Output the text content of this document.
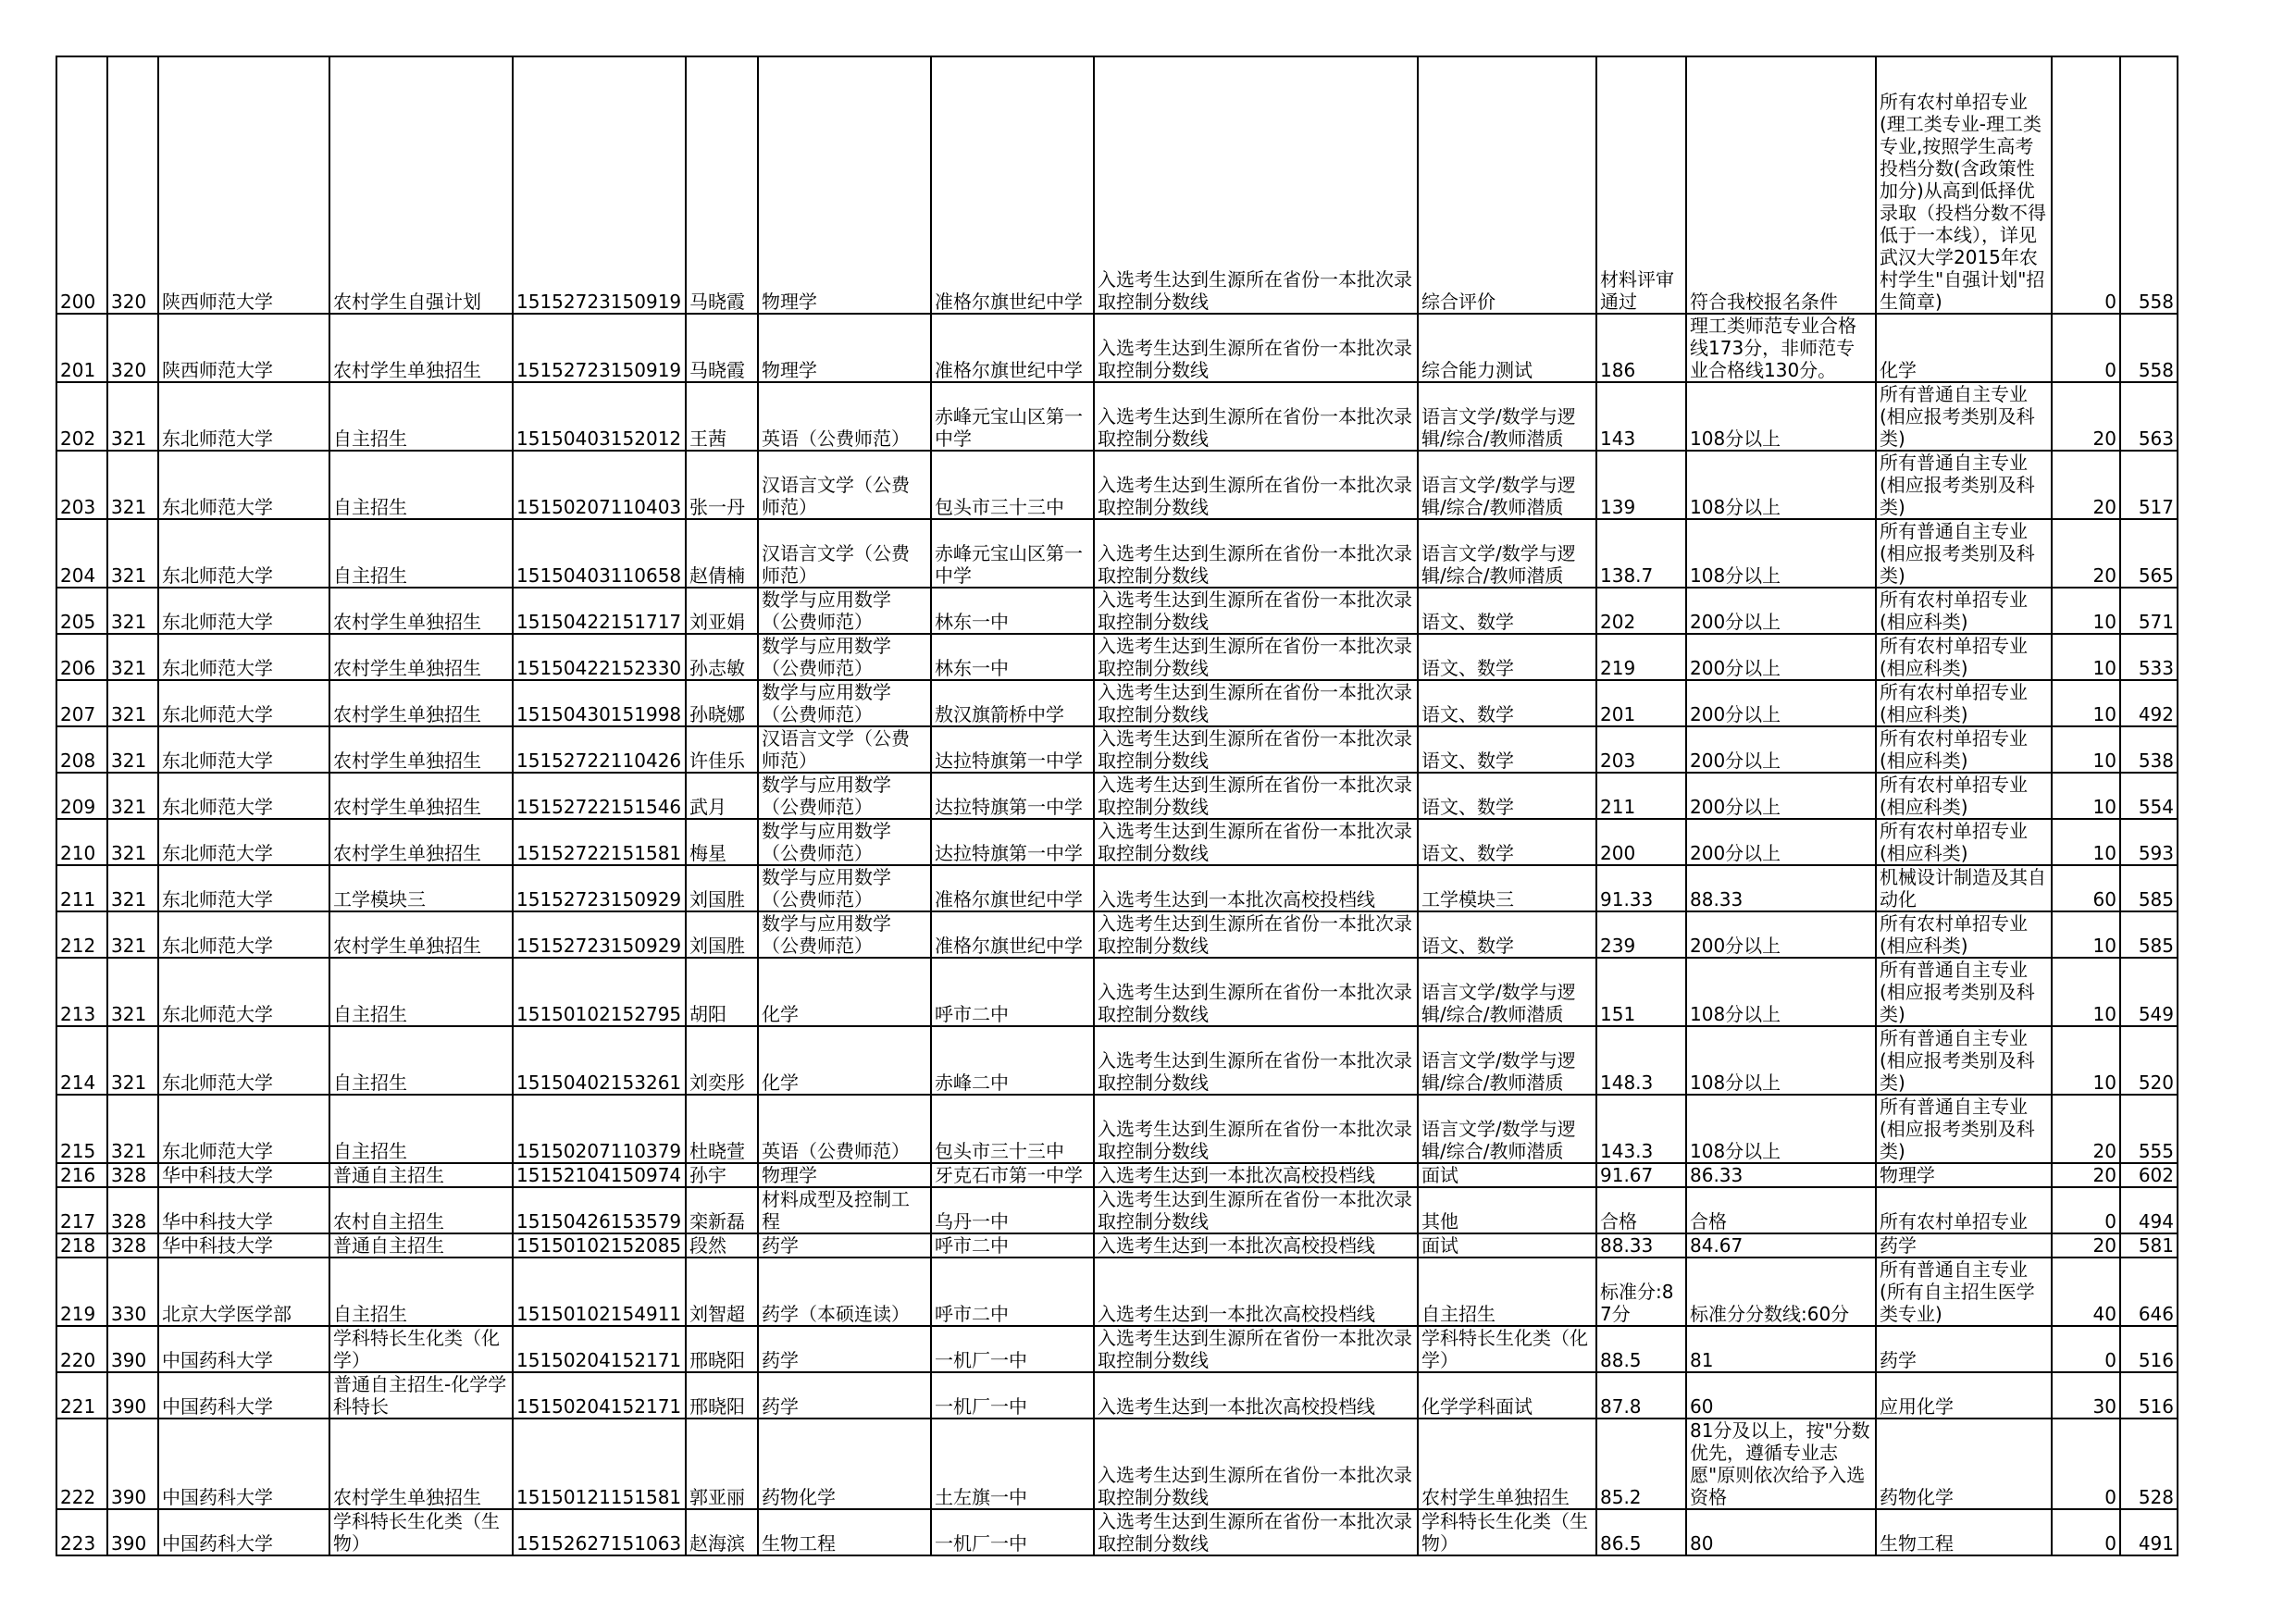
200	320	陕西师范大学	农村学生自强计划	15152723150919	马晓霞	物理学	准格尔旗世纪中学	入选考生达到生源所在省份一本批次录取控制分数线	综合评价	材料评审通过	符合我校报名条件	所有农村单招专业(理工类专业-理工类专业,按照学生高考投档分数(含政策性加分)从高到低择优录取（投档分数不得低于一本线），详见武汉大学2015年农村学生"自强计划"招生简章)	0	558
201	320	陕西师范大学	农村学生单独招生	15152723150919	马晓霞	物理学	准格尔旗世纪中学	入选考生达到生源所在省份一本批次录取控制分数线	综合能力测试	186	理工类师范专业合格线173分，非师范专业合格线130分。	化学	0	558
202	321	东北师范大学	自主招生	15150403152012	王茜	英语（公费师范）	赤峰元宝山区第一中学	入选考生达到生源所在省份一本批次录取控制分数线	语言文学/数学与逻辑/综合/教师潜质	143	108分以上	所有普通自主专业(相应报考类别及科类)	20	563
203	321	东北师范大学	自主招生	15150207110403	张一丹	汉语言文学（公费师范）	包头市三十三中	入选考生达到生源所在省份一本批次录取控制分数线	语言文学/数学与逻辑/综合/教师潜质	139	108分以上	所有普通自主专业(相应报考类别及科类)	20	517
204	321	东北师范大学	自主招生	15150403110658	赵倩楠	汉语言文学（公费师范）	赤峰元宝山区第一中学	入选考生达到生源所在省份一本批次录取控制分数线	语言文学/数学与逻辑/综合/教师潜质	138.7	108分以上	所有普通自主专业(相应报考类别及科类)	20	565
205	321	东北师范大学	农村学生单独招生	15150422151717	刘亚娟	数学与应用数学（公费师范）	林东一中	入选考生达到生源所在省份一本批次录取控制分数线	语文、数学	202	200分以上	所有农村单招专业(相应科类)	10	571
206	321	东北师范大学	农村学生单独招生	15150422152330	孙志敏	数学与应用数学（公费师范）	林东一中	入选考生达到生源所在省份一本批次录取控制分数线	语文、数学	219	200分以上	所有农村单招专业(相应科类)	10	533
207	321	东北师范大学	农村学生单独招生	15150430151998	孙晓娜	数学与应用数学（公费师范）	敖汉旗箭桥中学	入选考生达到生源所在省份一本批次录取控制分数线	语文、数学	201	200分以上	所有农村单招专业(相应科类)	10	492
208	321	东北师范大学	农村学生单独招生	15152722110426	许佳乐	汉语言文学（公费师范）	达拉特旗第一中学	入选考生达到生源所在省份一本批次录取控制分数线	语文、数学	203	200分以上	所有农村单招专业(相应科类)	10	538
209	321	东北师范大学	农村学生单独招生	15152722151546	武月	数学与应用数学（公费师范）	达拉特旗第一中学	入选考生达到生源所在省份一本批次录取控制分数线	语文、数学	211	200分以上	所有农村单招专业(相应科类)	10	554
210	321	东北师范大学	农村学生单独招生	15152722151581	梅星	数学与应用数学（公费师范）	达拉特旗第一中学	入选考生达到生源所在省份一本批次录取控制分数线	语文、数学	200	200分以上	所有农村单招专业(相应科类)	10	593
211	321	东北师范大学	工学模块三	15152723150929	刘国胜	数学与应用数学（公费师范）	准格尔旗世纪中学	入选考生达到一本批次高校投档线	工学模块三	91.33	88.33	机械设计制造及其自动化	60	585
212	321	东北师范大学	农村学生单独招生	15152723150929	刘国胜	数学与应用数学（公费师范）	准格尔旗世纪中学	入选考生达到生源所在省份一本批次录取控制分数线	语文、数学	239	200分以上	所有农村单招专业(相应科类)	10	585
213	321	东北师范大学	自主招生	15150102152795	胡阳	化学	呼市二中	入选考生达到生源所在省份一本批次录取控制分数线	语言文学/数学与逻辑/综合/教师潜质	151	108分以上	所有普通自主专业(相应报考类别及科类)	10	549
214	321	东北师范大学	自主招生	15150402153261	刘奕彤	化学	赤峰二中	入选考生达到生源所在省份一本批次录取控制分数线	语言文学/数学与逻辑/综合/教师潜质	148.3	108分以上	所有普通自主专业(相应报考类别及科类)	10	520
215	321	东北师范大学	自主招生	15150207110379	杜晓萱	英语（公费师范）	包头市三十三中	入选考生达到生源所在省份一本批次录取控制分数线	语言文学/数学与逻辑/综合/教师潜质	143.3	108分以上	所有普通自主专业(相应报考类别及科类)	20	555
216	328	华中科技大学	普通自主招生	15152104150974	孙宇	物理学	牙克石市第一中学	入选考生达到一本批次高校投档线	面试	91.67	86.33	物理学	20	602
217	328	华中科技大学	农村自主招生	15150426153579	栾新磊	材料成型及控制工程	乌丹一中	入选考生达到生源所在省份一本批次录取控制分数线	其他	合格	合格	所有农村单招专业	0	494
218	328	华中科技大学	普通自主招生	15150102152085	段然	药学	呼市二中	入选考生达到一本批次高校投档线	面试	88.33	84.67	药学	20	581
219	330	北京大学医学部	自主招生	15150102154911	刘智超	药学（本硕连读）	呼市二中	入选考生达到一本批次高校投档线	自主招生	标准分:87分	标准分分数线:60分	所有普通自主专业(所有自主招生医学类专业)	40	646
220	390	中国药科大学	学科特长生化类（化学）	15150204152171	邢晓阳	药学	一机厂一中	入选考生达到生源所在省份一本批次录取控制分数线	学科特长生化类（化学）	88.5	81	药学	0	516
221	390	中国药科大学	普通自主招生-化学学科特长	15150204152171	邢晓阳	药学	一机厂一中	入选考生达到一本批次高校投档线	化学学科面试	87.8	60	应用化学	30	516
222	390	中国药科大学	农村学生单独招生	15150121151581	郭亚丽	药物化学	土左旗一中	入选考生达到生源所在省份一本批次录取控制分数线	农村学生单独招生	85.2	81分及以上，按"分数优先，遵循专业志愿"原则依次给予入选资格	药物化学	0	528
223	390	中国药科大学	学科特长生化类（生物）	15152627151063	赵海滨	生物工程	一机厂一中	入选考生达到生源所在省份一本批次录取控制分数线	学科特长生化类（生物）	86.5	80	生物工程	0	491
